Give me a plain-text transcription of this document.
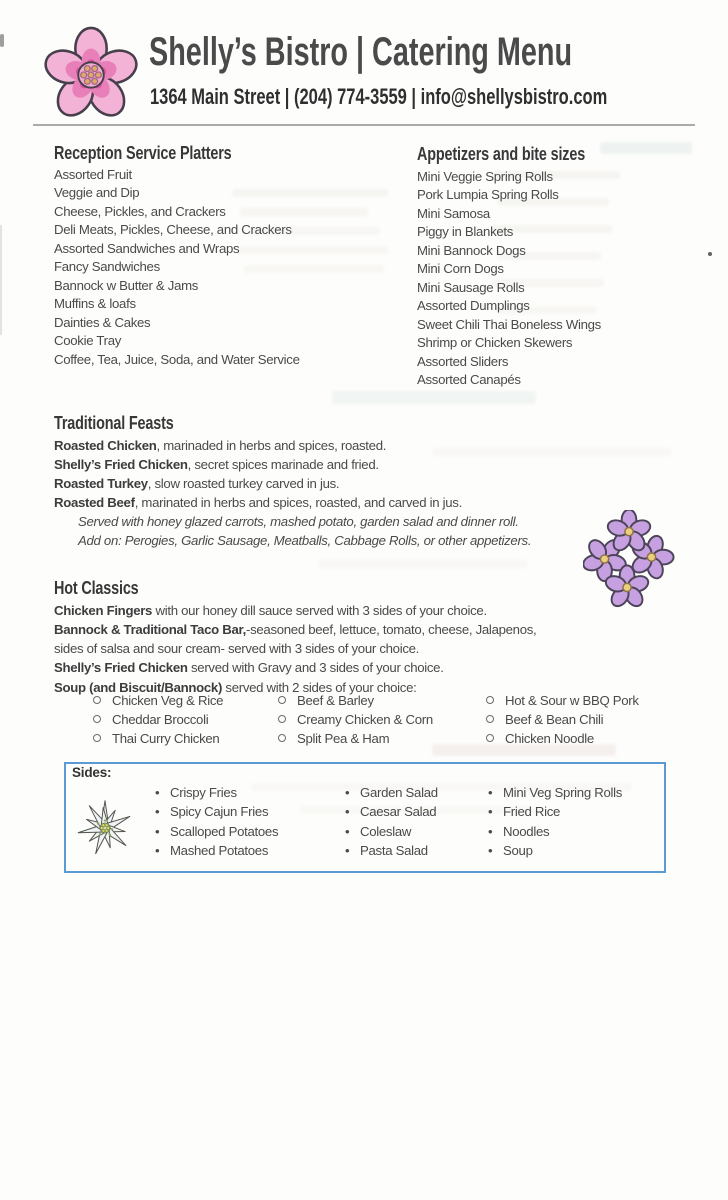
Shelly’s Bistro | Catering Menu
1364 Main Street | (204) 774-3559 | info@shellysbistro.com
Reception Service Platters
Assorted Fruit
Veggie and Dip
Cheese, Pickles, and Crackers
Deli Meats, Pickles, Cheese, and Crackers
Assorted Sandwiches and Wraps
Fancy Sandwiches
Bannock w Butter & Jams
Muffins & loafs
Dainties & Cakes
Cookie Tray
Coffee, Tea, Juice, Soda, and Water Service
Appetizers and bite sizes
Mini Veggie Spring Rolls
Pork Lumpia Spring Rolls
Mini Samosa
Piggy in Blankets
Mini Bannock Dogs
Mini Corn Dogs
Mini Sausage Rolls
Assorted Dumplings
Sweet Chili Thai Boneless Wings
Shrimp or Chicken Skewers
Assorted Sliders
Assorted Canapés
Traditional Feasts
Roasted Chicken, marinaded in herbs and spices, roasted.
Shelly’s Fried Chicken, secret spices marinade and fried.
Roasted Turkey, slow roasted turkey carved in jus.
Roasted Beef, marinated in herbs and spices, roasted, and carved in jus.
Served with honey glazed carrots, mashed potato, garden salad and dinner roll.
Add on: Perogies, Garlic Sausage, Meatballs, Cabbage Rolls, or other appetizers.
Hot Classics
Chicken Fingers with our honey dill sauce served with 3 sides of your choice.
Bannock & Traditional Taco Bar,-seasoned beef, lettuce, tomato, cheese, Jalapenos,
sides of salsa and sour cream- served with 3 sides of your choice.
Shelly’s Fried Chicken served with Gravy and 3 sides of your choice.
Soup (and Biscuit/Bannock) served with 2 sides of your choice:
Chicken Veg & Rice
Cheddar Broccoli
Thai Curry Chicken
Beef & Barley
Creamy Chicken & Corn
Split Pea & Ham
Hot & Sour w BBQ Pork
Beef & Bean Chili
Chicken Noodle
Sides:
•Crispy Fries
•Spicy Cajun Fries
•Scalloped Potatoes
•Mashed Potatoes
•Garden Salad
•Caesar Salad
•Coleslaw
•Pasta Salad
•Mini Veg Spring Rolls
•Fried Rice
•Noodles
•Soup
